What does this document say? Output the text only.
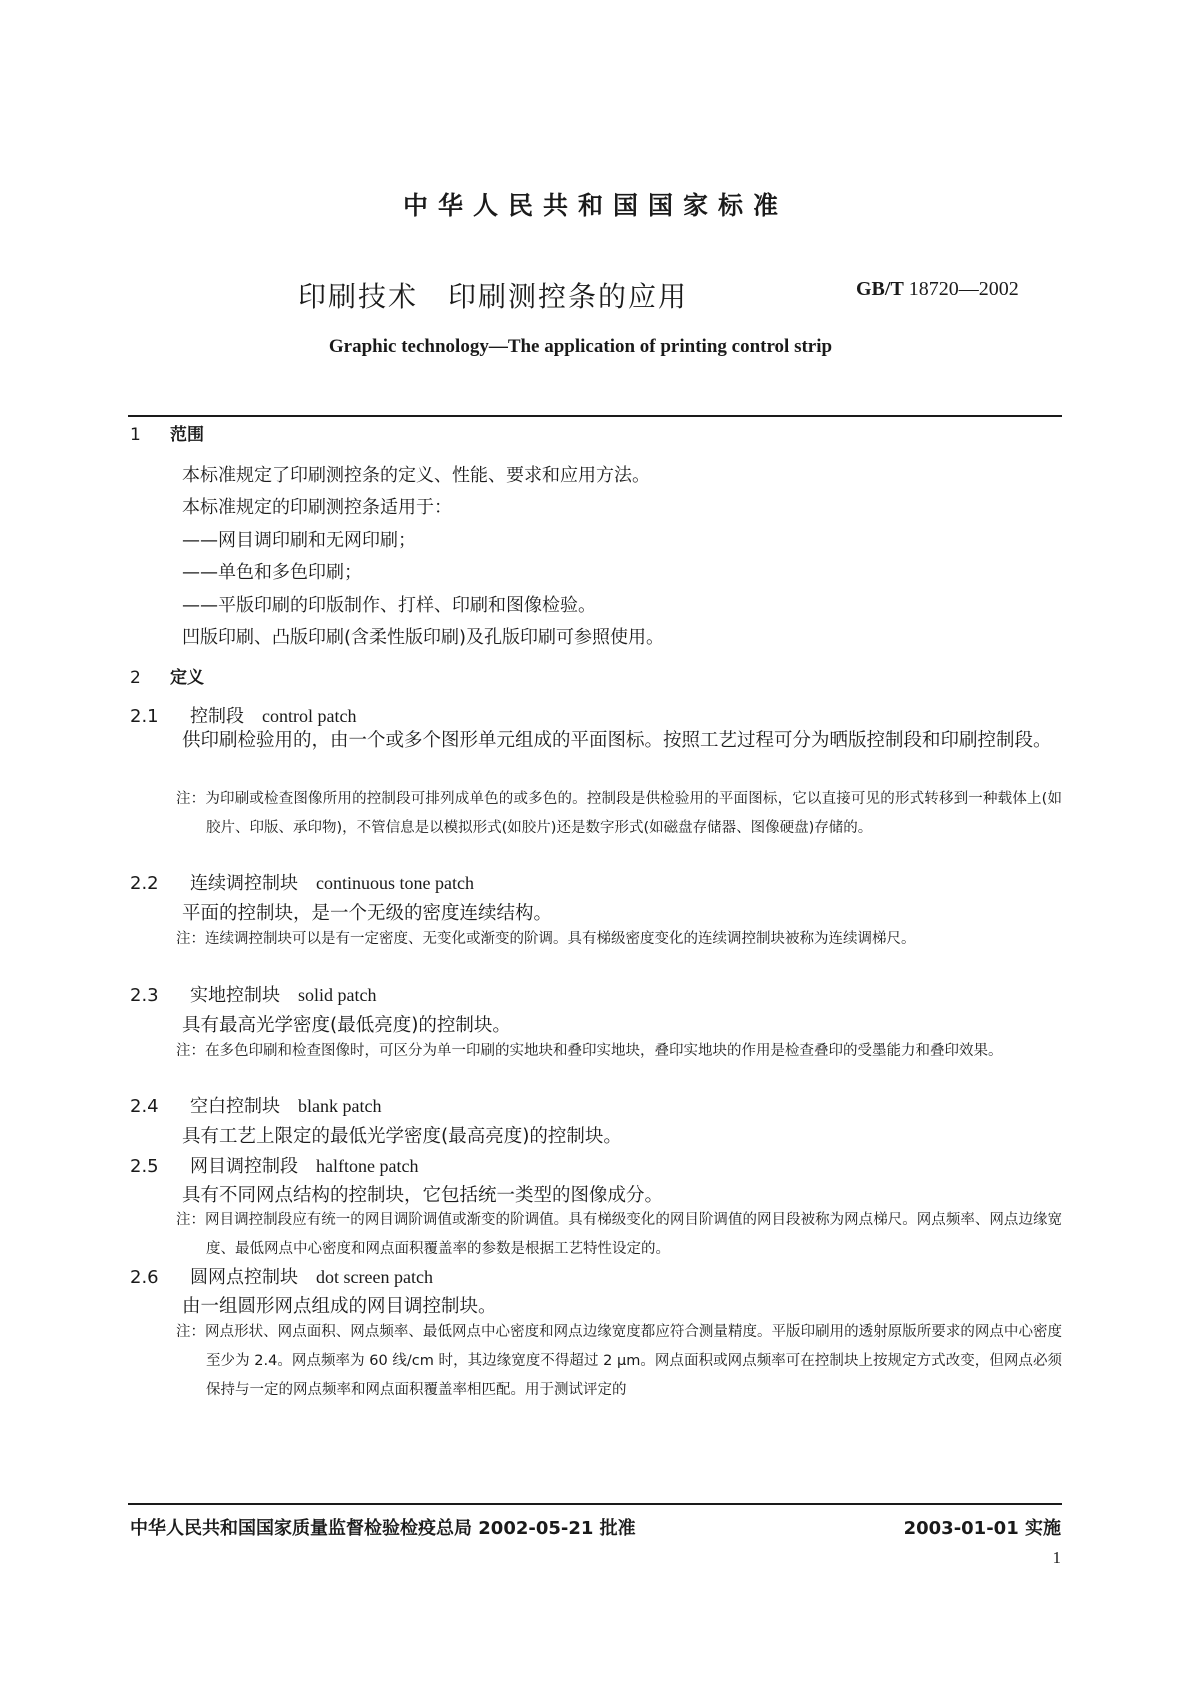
中华人民共和国国家标准
印刷技术 印刷测控条的应用	GB/T 18720—2002
Graphic technology—The application of printing control strip
1 范围
本标准规定了印刷测控条的定义、性能、要求和应用方法。
本标准规定的印刷测控条适用于：
——网目调印刷和无网印刷；
——单色和多色印刷；
——平版印刷的印版制作、打样、印刷和图像检验。
凹版印刷、凸版印刷(含柔性版印刷)及孔版印刷可参照使用。
2 定义
2.1 控制段 control patch
供印刷检验用的，由一个或多个图形单元组成的平面图标。按照工艺过程可分为晒版控制段和印刷控制段。
注：为印刷或检查图像所用的控制段可排列成单色的或多色的。控制段是供检验用的平面图标，它以直接可见的形式转移到一种载体上(如胶片、印版、承印物)，不管信息是以模拟形式(如胶片)还是数字形式(如磁盘存储器、图像硬盘)存储的。
2.2 连续调控制块 continuous tone patch
平面的控制块，是一个无级的密度连续结构。
注：连续调控制块可以是有一定密度、无变化或渐变的阶调。具有梯级密度变化的连续调控制块被称为连续调梯尺。
2.3 实地控制块 solid patch
具有最高光学密度(最低亮度)的控制块。
注：在多色印刷和检查图像时，可区分为单一印刷的实地块和叠印实地块，叠印实地块的作用是检查叠印的受墨能力和叠印效果。
2.4 空白控制块 blank patch
具有工艺上限定的最低光学密度(最高亮度)的控制块。
2.5 网目调控制段 halftone patch
具有不同网点结构的控制块，它包括统一类型的图像成分。
注：网目调控制段应有统一的网目调阶调值或渐变的阶调值。具有梯级变化的网目阶调值的网目段被称为网点梯尺。网点频率、网点边缘宽度、最低网点中心密度和网点面积覆盖率的参数是根据工艺特性设定的。
2.6 圆网点控制块 dot screen patch
由一组圆形网点组成的网目调控制块。
注：网点形状、网点面积、网点频率、最低网点中心密度和网点边缘宽度都应符合测量精度。平版印刷用的透射原版所要求的网点中心密度至少为 2.4。网点频率为 60 线/cm 时，其边缘宽度不得超过 2 μm。网点面积或网点频率可在控制块上按规定方式改变，但网点必须保持与一定的网点频率和网点面积覆盖率相匹配。用于测试评定的
中华人民共和国国家质量监督检验检疫总局 2002-05-21 批准	2003-01-01 实施
1
